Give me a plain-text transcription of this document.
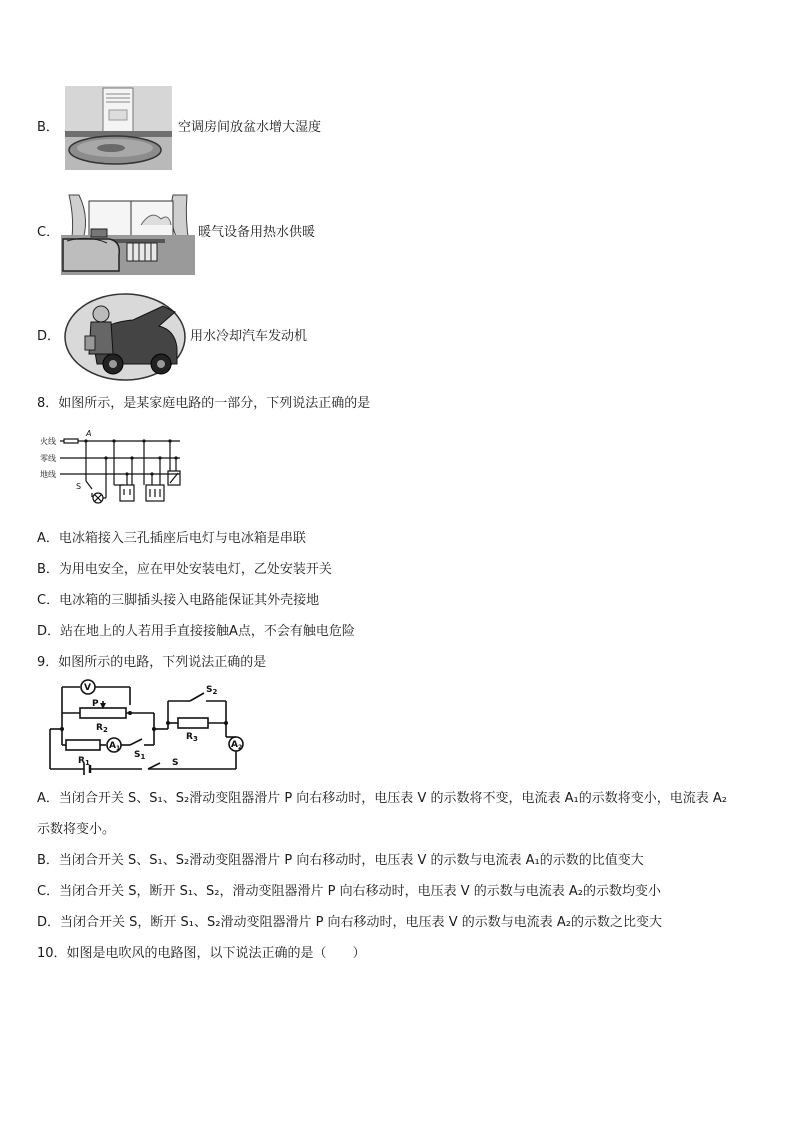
B．	空调房间放盆水增大湿度
C．	暖气设备用热水供暖
D．	用水冷却汽车发动机
8．如图所示，是某家庭电路的一部分，下列说法正确的是
火线
零线
地线
A
S
A．电冰箱接入三孔插座后电灯与电冰箱是串联
B．为用电安全，应在甲处安装电灯，乙处安装开关
C．电冰箱的三脚插头接入电路能保证其外壳接地
D．站在地上的人若用手直接接触A点，不会有触电危险
9．如图所示的电路，下列说法正确的是
V
P
$R_2$
$R_1$
$A_1$
$S_1$
$S_2$
$R_3$
$A_2$
S
A．当闭合开关 S、S₁、S₂滑动变阻器滑片 P 向右移动时，电压表 V 的示数将不变，电流表 A₁的示数将变小，电流表 A₂
示数将变小。
B．当闭合开关 S、S₁、S₂滑动变阻器滑片 P 向右移动时，电压表 V 的示数与电流表 A₁的示数的比值变大
C．当闭合开关 S，断开 S₁、S₂，滑动变阻器滑片 P 向右移动时，电压表 V 的示数与电流表 A₂的示数均变小
D．当闭合开关 S，断开 S₁、S₂滑动变阻器滑片 P 向右移动时，电压表 V 的示数与电流表 A₂的示数之比变大
10．如图是电吹风的电路图，以下说法正确的是（　　）
